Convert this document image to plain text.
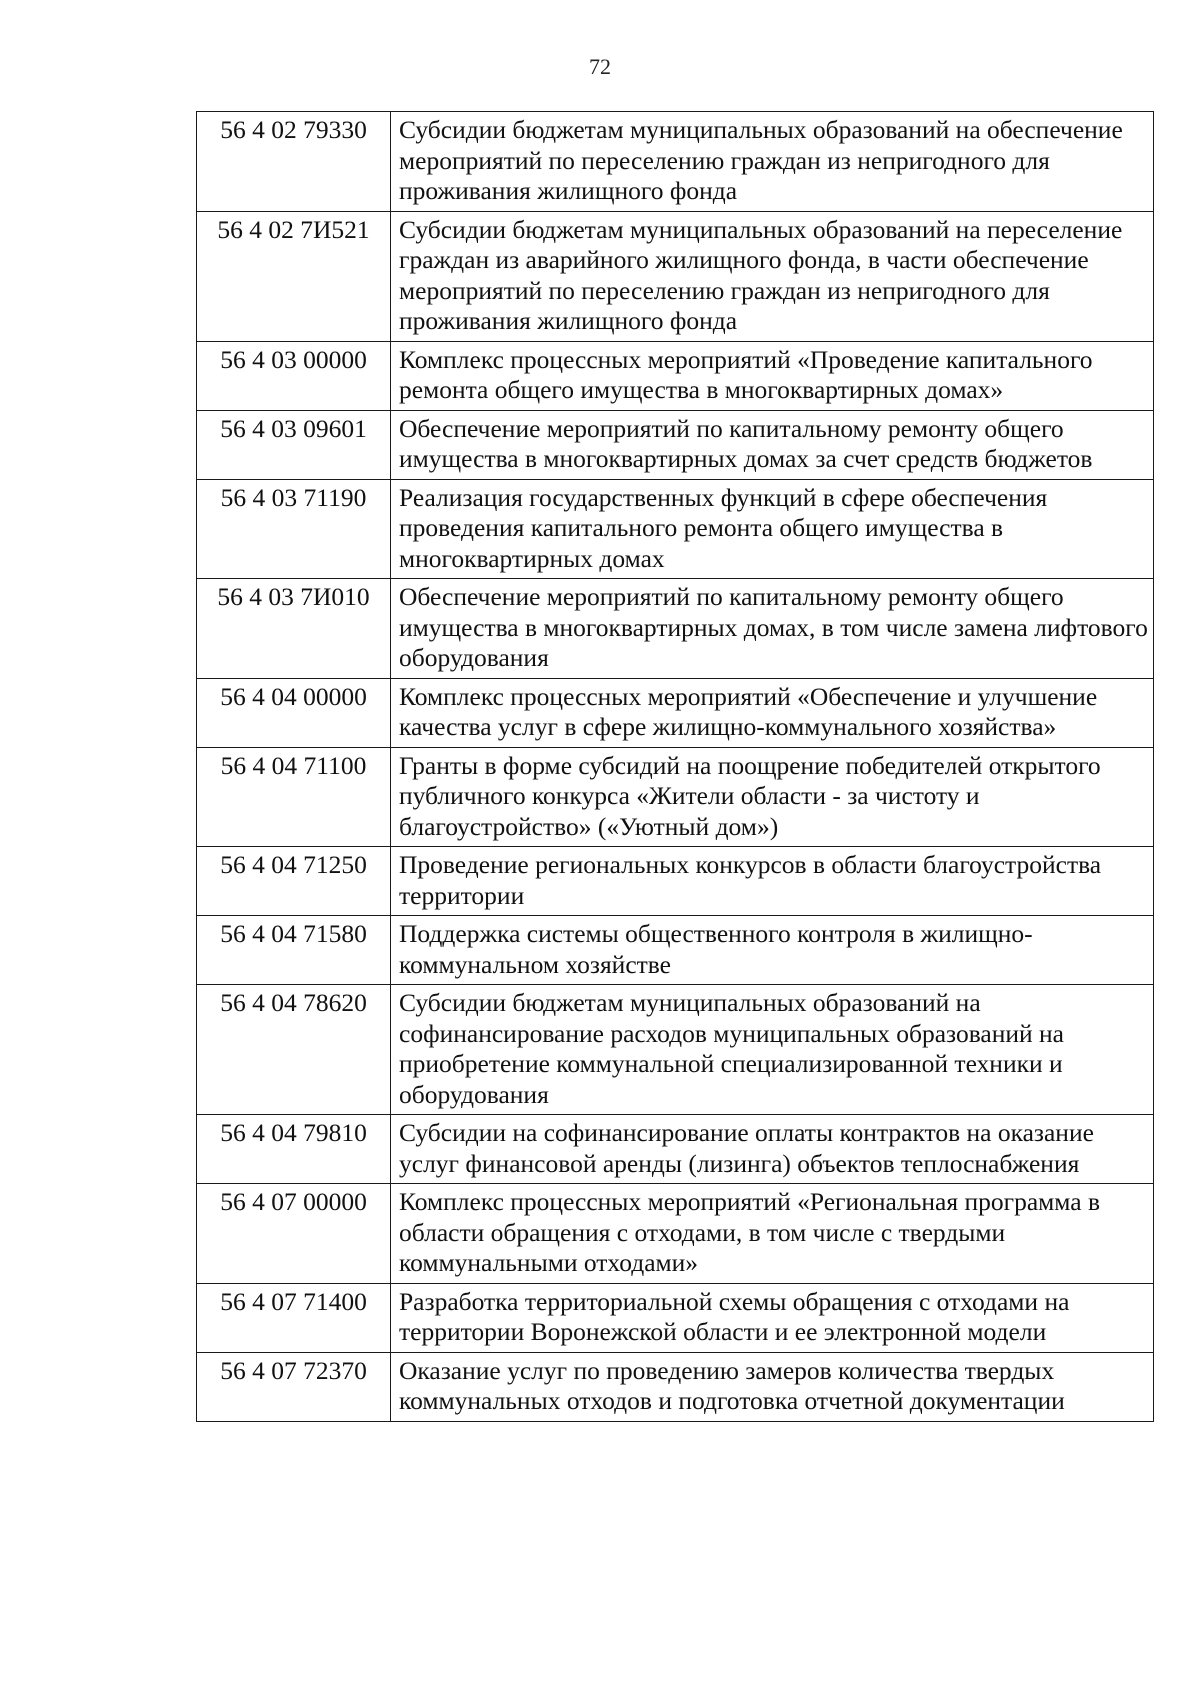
72
56 4 02 79330	Субсидии бюджетам муниципальных образований на обеспечение мероприятий по переселению граждан из непригодного для проживания жилищного фонда
56 4 02 7И521	Субсидии бюджетам муниципальных образований на переселение граждан из аварийного жилищного фонда, в части обеспечение мероприятий по переселению граждан из непригодного для проживания жилищного фонда
56 4 03 00000	Комплекс процессных мероприятий «Проведение капитального ремонта общего имущества в многоквартирных домах»
56 4 03 09601	Обеспечение мероприятий по капитальному ремонту общего имущества в многоквартирных домах за счет средств бюджетов
56 4 03 71190	Реализация государственных функций в сфере обеспечения проведения капитального ремонта общего имущества в многоквартирных домах
56 4 03 7И010	Обеспечение мероприятий по капитальному ремонту общего имущества в многоквартирных домах, в том числе замена лифтового оборудования
56 4 04 00000	Комплекс процессных мероприятий «Обеспечение и улучшение качества услуг в сфере жилищно-коммунального хозяйства»
56 4 04 71100	Гранты в форме субсидий на поощрение победителей открытого публичного конкурса «Жители области - за чистоту и благоустройство» («Уютный дом»)
56 4 04 71250	Проведение региональных конкурсов в области благоустройства территории
56 4 04 71580	Поддержка системы общественного контроля в жилищно-коммунальном хозяйстве
56 4 04 78620	Субсидии бюджетам муниципальных образований на софинансирование расходов муниципальных образований на приобретение коммунальной специализированной техники и оборудования
56 4 04 79810	Субсидии на софинансирование оплаты контрактов на оказание услуг финансовой аренды (лизинга) объектов теплоснабжения
56 4 07 00000	Комплекс процессных мероприятий «Региональная программа в области обращения с отходами, в том числе с твердыми коммунальными отходами»
56 4 07 71400	Разработка территориальной схемы обращения с отходами на территории Воронежской области и ее электронной модели
56 4 07 72370	Оказание услуг по проведению замеров количества твердых коммунальных отходов и подготовка отчетной документации
